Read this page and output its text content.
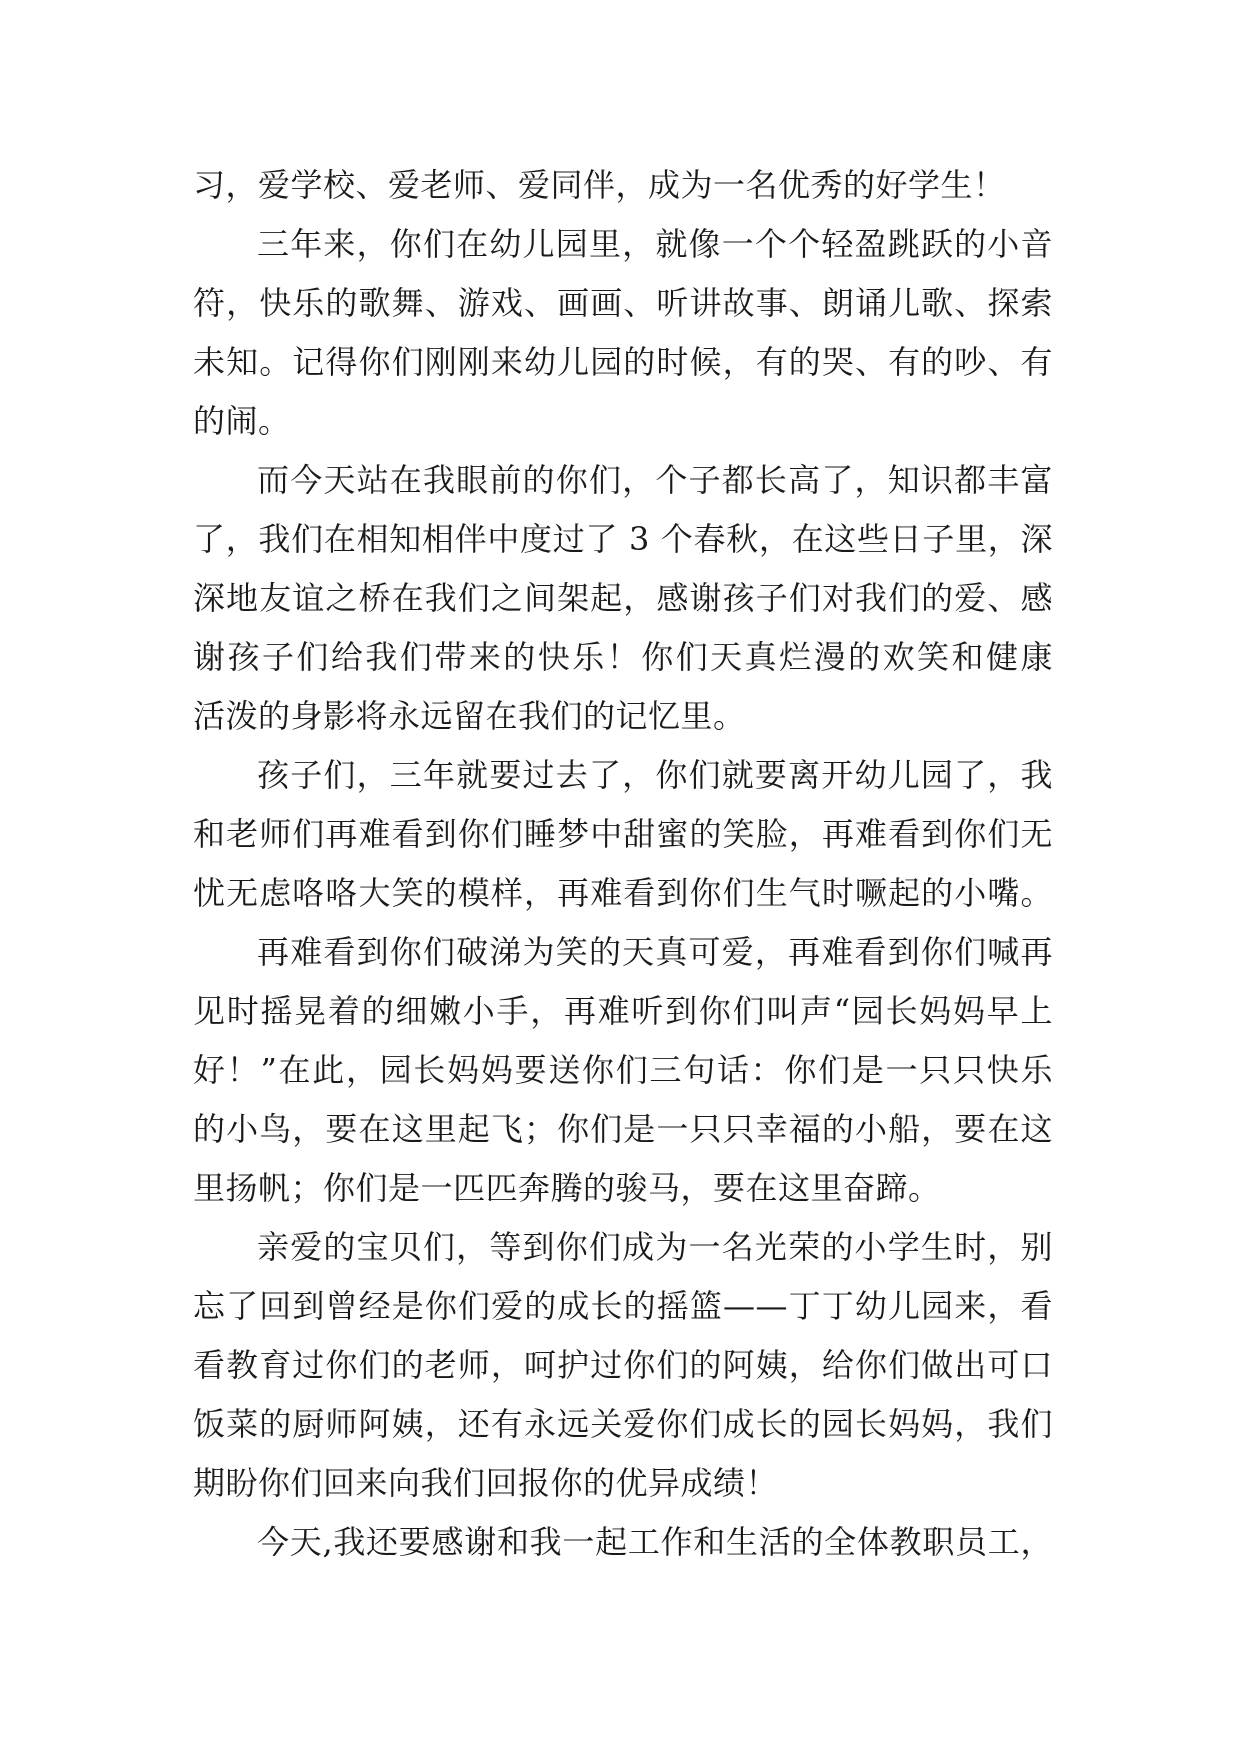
习，爱学校、爱老师、爱同伴，成为一名优秀的好学生！
三年来，你们在幼儿园里，就像一个个轻盈跳跃的小音
符，快乐的歌舞、游戏、画画、听讲故事、朗诵儿歌、探索
未知。记得你们刚刚来幼儿园的时候，有的哭、有的吵、有
的闹。
而今天站在我眼前的你们，个子都长高了，知识都丰富
了，我们在相知相伴中度过了 3 个春秋，在这些日子里，深
深地友谊之桥在我们之间架起，感谢孩子们对我们的爱、感
谢孩子们给我们带来的快乐！你们天真烂漫的欢笑和健康
活泼的身影将永远留在我们的记忆里。
孩子们，三年就要过去了，你们就要离开幼儿园了，我
和老师们再难看到你们睡梦中甜蜜的笑脸，再难看到你们无
忧无虑咯咯大笑的模样，再难看到你们生气时噘起的小嘴。
再难看到你们破涕为笑的天真可爱，再难看到你们喊再
见时摇晃着的细嫩小手，再难听到你们叫声“园长妈妈早上
好！”在此，园长妈妈要送你们三句话：你们是一只只快乐
的小鸟，要在这里起飞；你们是一只只幸福的小船，要在这
里扬帆；你们是一匹匹奔腾的骏马，要在这里奋蹄。
亲爱的宝贝们，等到你们成为一名光荣的小学生时，别
忘了回到曾经是你们爱的成长的摇篮——丁丁幼儿园来，看
看教育过你们的老师，呵护过你们的阿姨，给你们做出可口
饭菜的厨师阿姨，还有永远关爱你们成长的园长妈妈，我们
期盼你们回来向我们回报你的优异成绩！
今天,我还要感谢和我一起工作和生活的全体教职员工，
